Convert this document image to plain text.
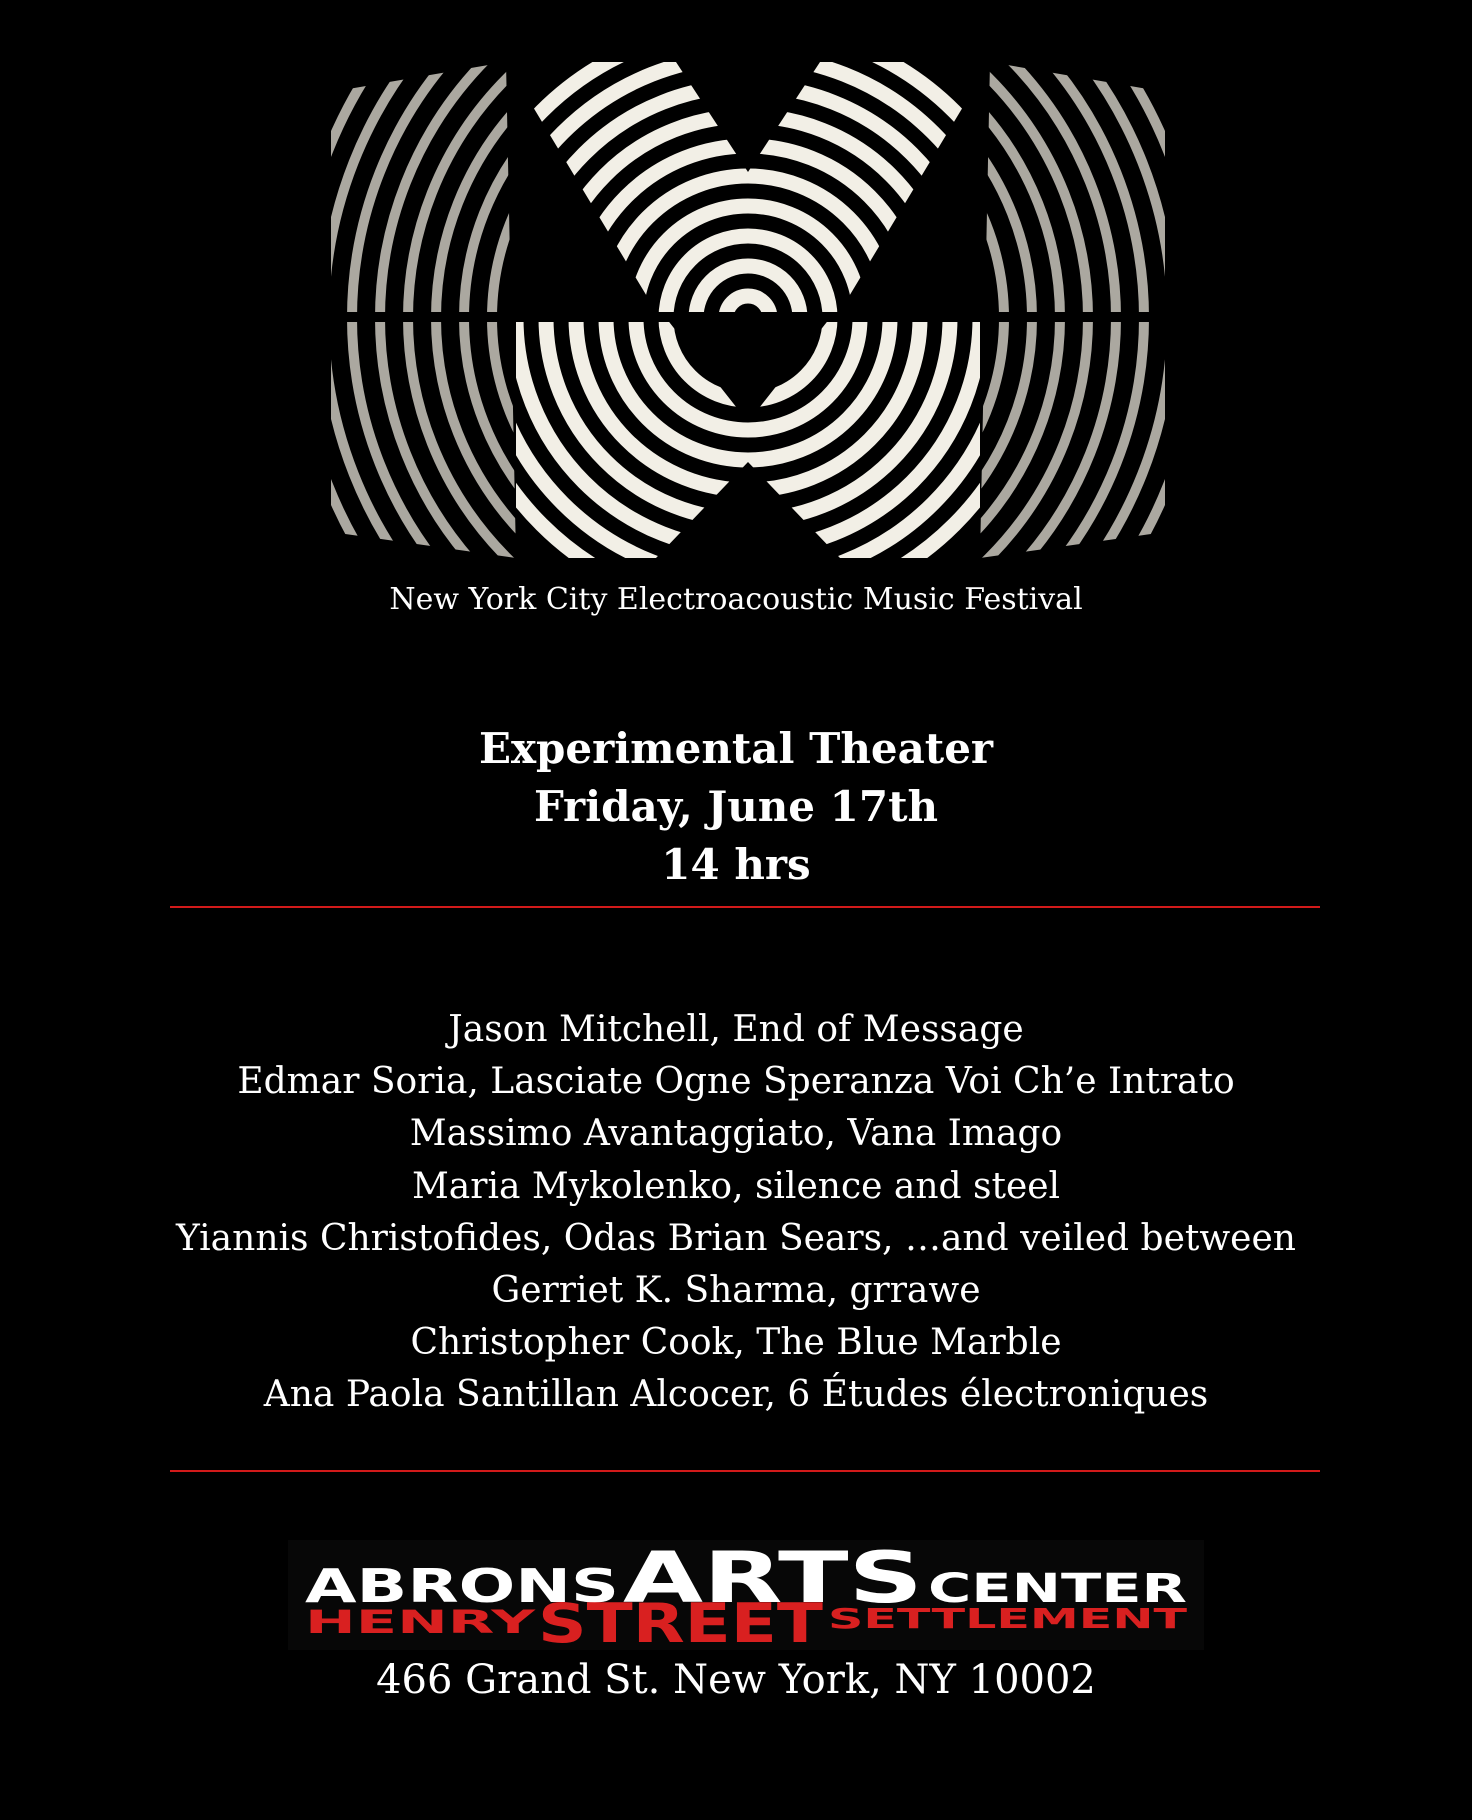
New York City Electroacoustic Music Festival
Experimental Theater
Friday, June 17th
14 hrs
Jason Mitchell, End of Message
Edmar Soria, Lasciate Ogne Speranza Voi Ch’e Intrato
Massimo Avantaggiato, Vana Imago
Maria Mykolenko, silence and steel
Yiannis Christofides, Odas Brian Sears, …and veiled between
Gerriet K. Sharma, grrawe
Christopher Cook, The Blue Marble
Ana Paola Santillan Alcocer, 6 Études électroniques
ABRONS ARTS CENTER
HENRY STREET SETTLEMENT
466 Grand St. New York, NY 10002
